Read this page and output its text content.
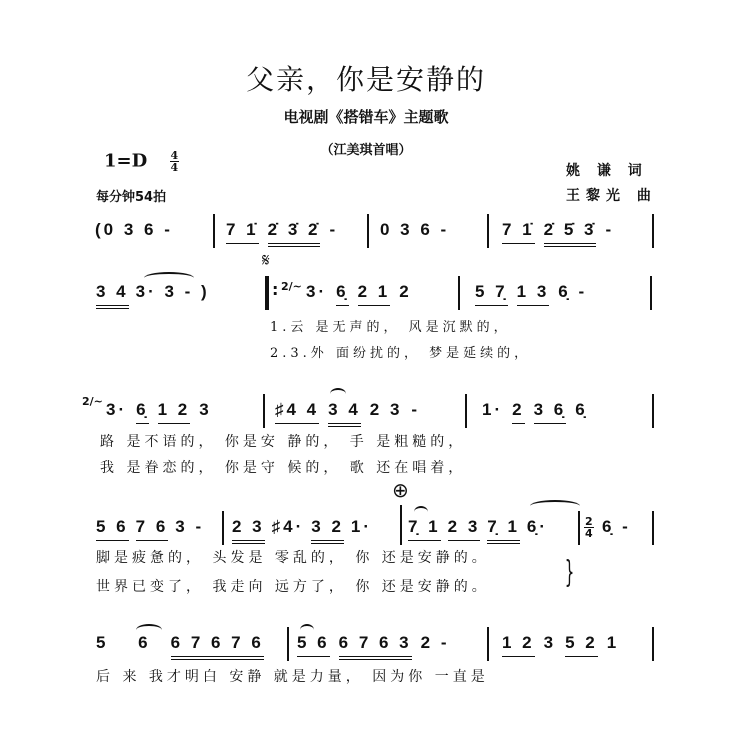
父亲，你是安静的
电视剧《搭错车》主题歌
（江美琪首唱）
$1=D \frac{4}{4}$
每分钟54拍
姚 谦 词
王黎光 曲
(0 3 6 -	7 1̇ 2̇ 3̇ 2̇ - 0 3 6 -	7 1̇ 2̇ 5̇ 3̇ -
3 4 3· 3 - )
𝄋
: 2/~ 3· 6̣ 2 1 2	5 7̣ 1 3 6̣ -
1.云 是无声的， 风是沉默的，
2.3.外 面纷扰的， 梦是延续的，
2/~ 3· 6̣ 1 2 3	♯4 4 3 4 2 3 -	1· 2 3 6̣ 6̣
路 是不语的， 你是安 静的， 手 是粗糙的，
我 是眷恋的， 你是守 候的， 歌 还在唱着，
⊕
5 6 7 6 3 - 2 3 ♯4· 3 2 1· 7̣ 1 2 3 7̣ 1 6̣·	$\frac{2}{4}$ 6̣ -
脚是疲惫的， 头发是 零乱的， 你 还是安静的。
世界已变了， 我走向 远方了， 你 还是安静的。 }
5 6 6 7 6 7 6 5 6 6 7 6 3 2 -	1 2 3 5 2 1
后 来 我才明白 安静 就是力量， 因为你 一直是
